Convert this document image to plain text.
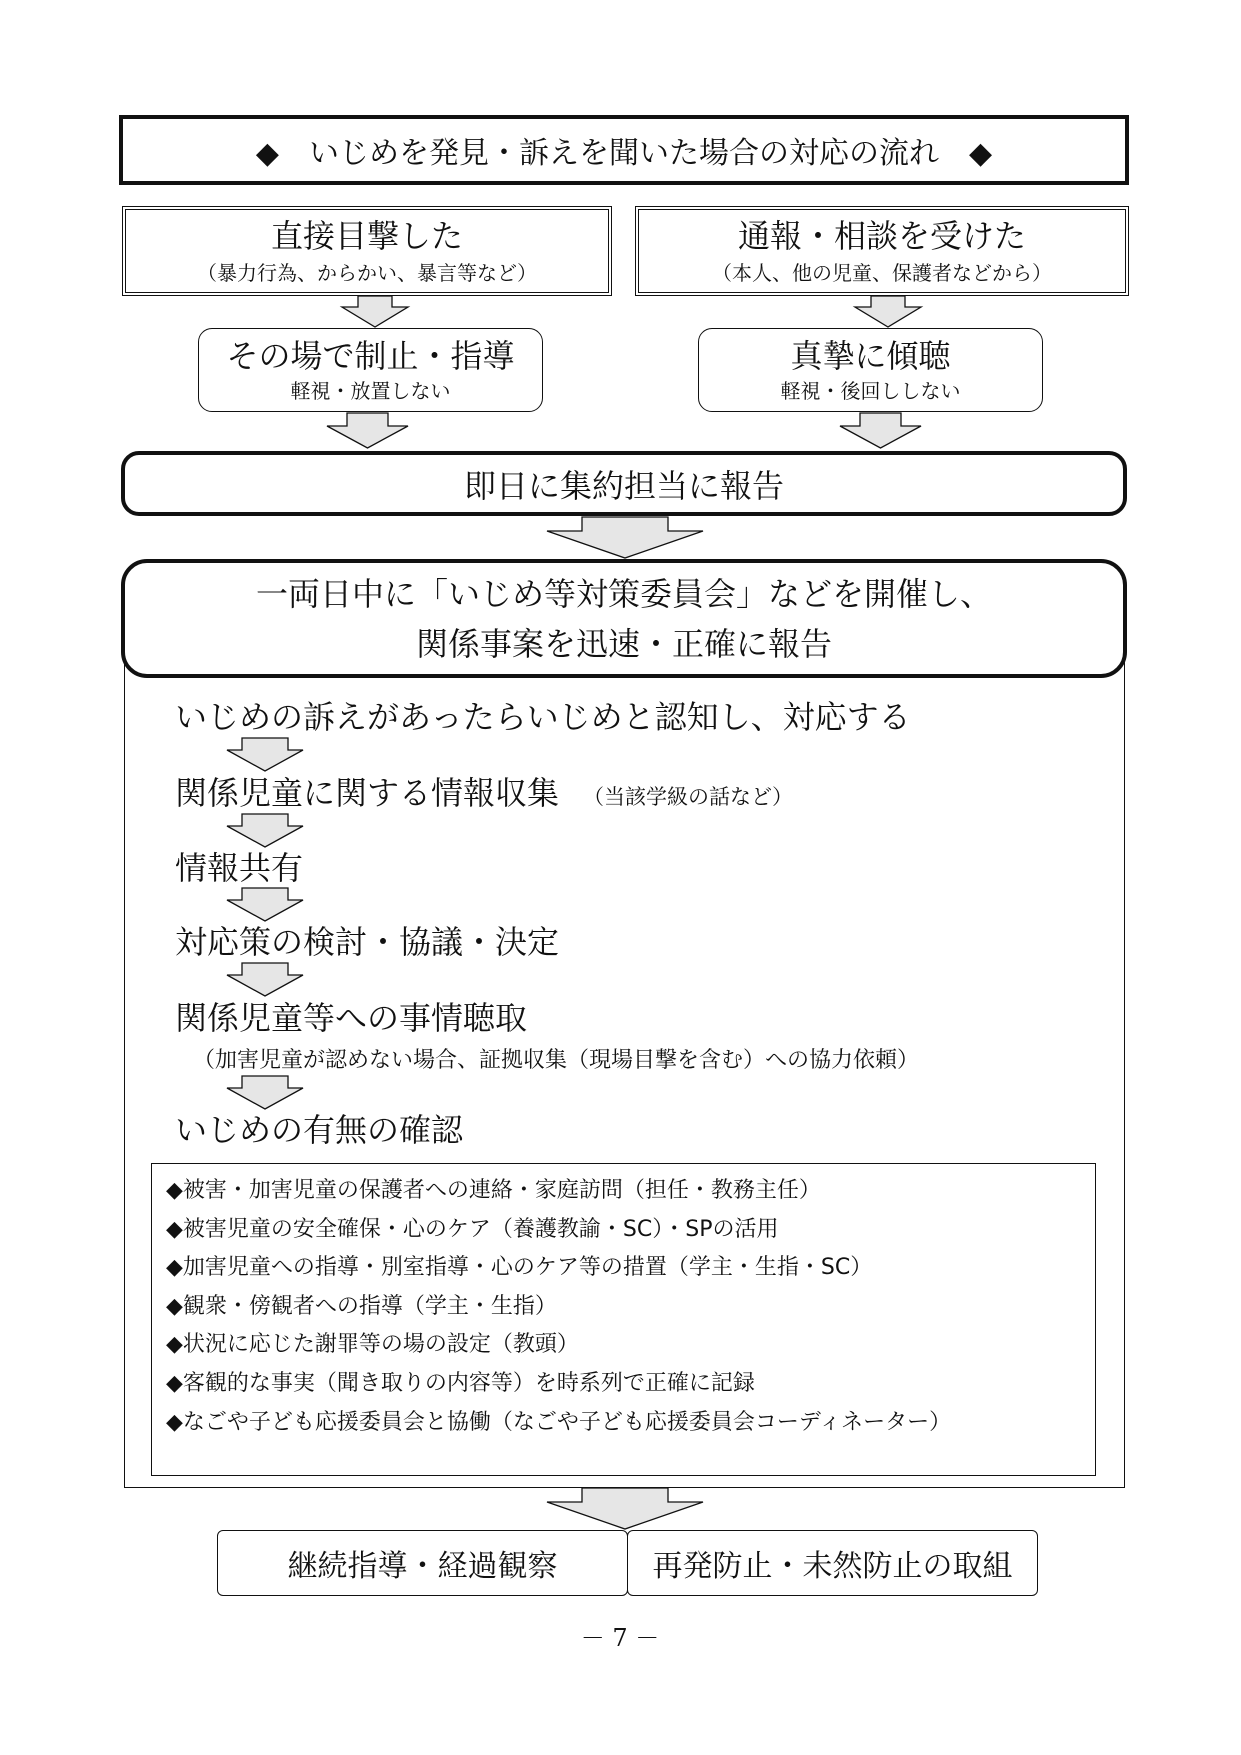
◆　いじめを発見・訴えを聞いた場合の対応の流れ　◆
直接目撃した
（暴力行為、からかい、暴言等など）
その場で制止・指導
軽視・放置しない
通報・相談を受けた
（本人、他の児童、保護者などから）
真摯に傾聴
軽視・後回ししない
即日に集約担当に報告
一両日中に「いじめ等対策委員会」などを開催し、
関係事案を迅速・正確に報告
いじめの訴えがあったらいじめと認知し、対応する
関係児童に関する情報収集 （当該学級の話など）
情報共有
対応策の検討・協議・決定
関係児童等への事情聴取
（加害児童が認めない場合、証拠収集（現場目撃を含む）への協力依頼）
いじめの有無の確認
◆被害・加害児童の保護者への連絡・家庭訪問（担任・教務主任）
◆被害児童の安全確保・心のケア（養護教諭・SC）・SPの活用
◆加害児童への指導・別室指導・心のケア等の措置（学主・生指・SC）
◆観衆・傍観者への指導（学主・生指）
◆状況に応じた謝罪等の場の設定（教頭）
◆客観的な事実（聞き取りの内容等）を時系列で正確に記録
◆なごや子ども応援委員会と協働（なごや子ども応援委員会コーディネーター）
継続指導・経過観察	再発防止・未然防止の取組
－ 7 －
